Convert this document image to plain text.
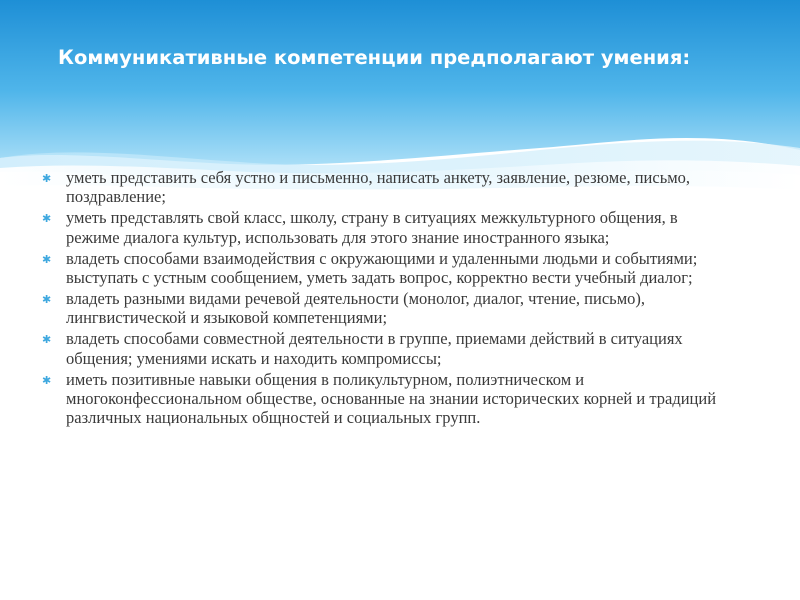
Коммуникативные компетенции предполагают умения:
✱ уметь представить себя устно и письменно, написать анкету, заявление, резюме, письмо, поздравление;
✱ уметь представлять свой класс, школу, страну в ситуациях межкультурного общения, в режиме диалога культур, использовать для этого знание иностранного языка;
✱ владеть способами взаимодействия с окружающими и удаленными людьми и событиями; выступать с устным сообщением, уметь задать вопрос, корректно вести учебный диалог;
✱ владеть разными видами речевой деятельности (монолог, диалог, чтение, письмо), лингвистической и языковой компетенциями;
✱ владеть способами совместной деятельности в группе, приемами действий в ситуациях общения; умениями искать и находить компромиссы;
✱ иметь позитивные навыки общения в поликультурном, полиэтническом и многоконфессиональном обществе, основанные на знании исторических корней и традиций различных национальных общностей и социальных групп.
